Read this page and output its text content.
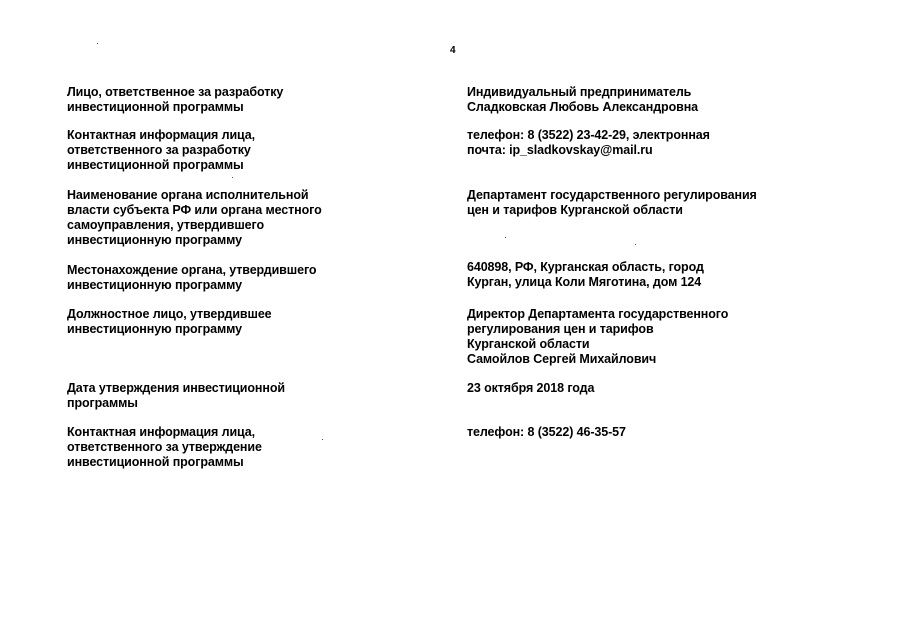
4
Лицо, ответственное за разработку
инвестиционной программы
Индивидуальный предприниматель
Сладковская Любовь Александровна
Контактная информация лица,
ответственного за разработку
инвестиционной программы
телефон: 8 (3522) 23-42-29, электронная
почта: ip_sladkovskay@mail.ru
Наименование органа исполнительной
власти субъекта РФ или органа местного
самоуправления, утвердившего
инвестиционную программу
Департамент государственного регулирования
цен и тарифов Курганской области
Местонахождение органа, утвердившего
инвестиционную программу
640898, РФ, Курганская область, город
Курган, улица Коли Мяготина, дом 124
Должностное лицо, утвердившее
инвестиционную программу
Директор Департамента государственного
регулирования цен и тарифов
Курганской области
Самойлов Сергей Михайлович
Дата утверждения инвестиционной
программы
23 октября 2018 года
Контактная информация лица,
ответственного за утверждение
инвестиционной программы
телефон: 8 (3522) 46-35-57
